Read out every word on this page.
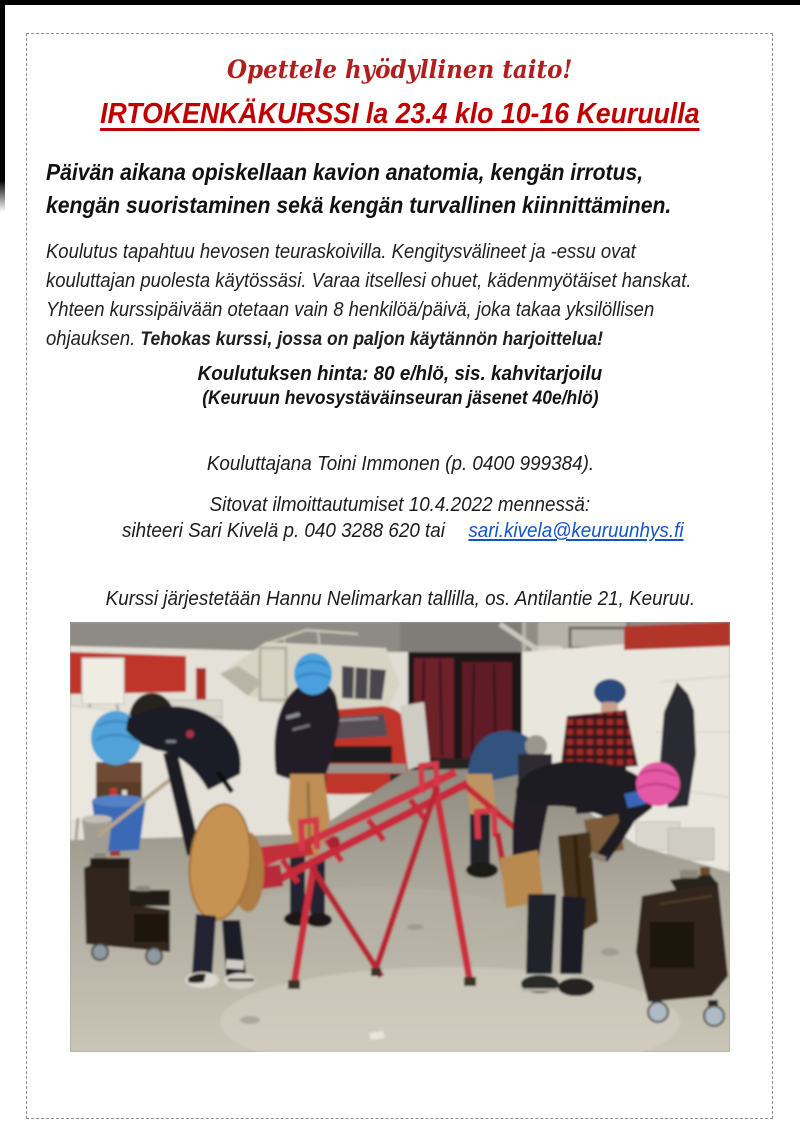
Opettele hyödyllinen taito!
IRTOKENKÄKURSSI la 23.4 klo 10-16 Keuruulla
Päivän aikana opiskellaan kavion anatomia, kengän irrotus,
kengän suoristaminen sekä kengän turvallinen kiinnittäminen.
Koulutus tapahtuu hevosen teuraskoivilla. Kengitysvälineet ja -essu ovat
kouluttajan puolesta käytössäsi. Varaa itsellesi ohuet, kädenmyötäiset hanskat.
Yhteen kurssipäivään otetaan vain 8 henkilöä/päivä, joka takaa yksilöllisen
ohjauksen. Tehokas kurssi, jossa on paljon käytännön harjoittelua!
Koulutuksen hinta: 80 e/hlö, sis. kahvitarjoilu
(Keuruun hevosystäväinseuran jäsenet 40e/hlö)
Kouluttajana Toini Immonen (p. 0400 999384).
Sitovat ilmoittautumiset 10.4.2022 mennessä:
sihteeri Sari Kivelä p. 040 3288 620 taisari.kivela@keuruunhys.fi
Kurssi järjestetään Hannu Nelimarkan tallilla, os. Antilantie 21, Keuruu.
